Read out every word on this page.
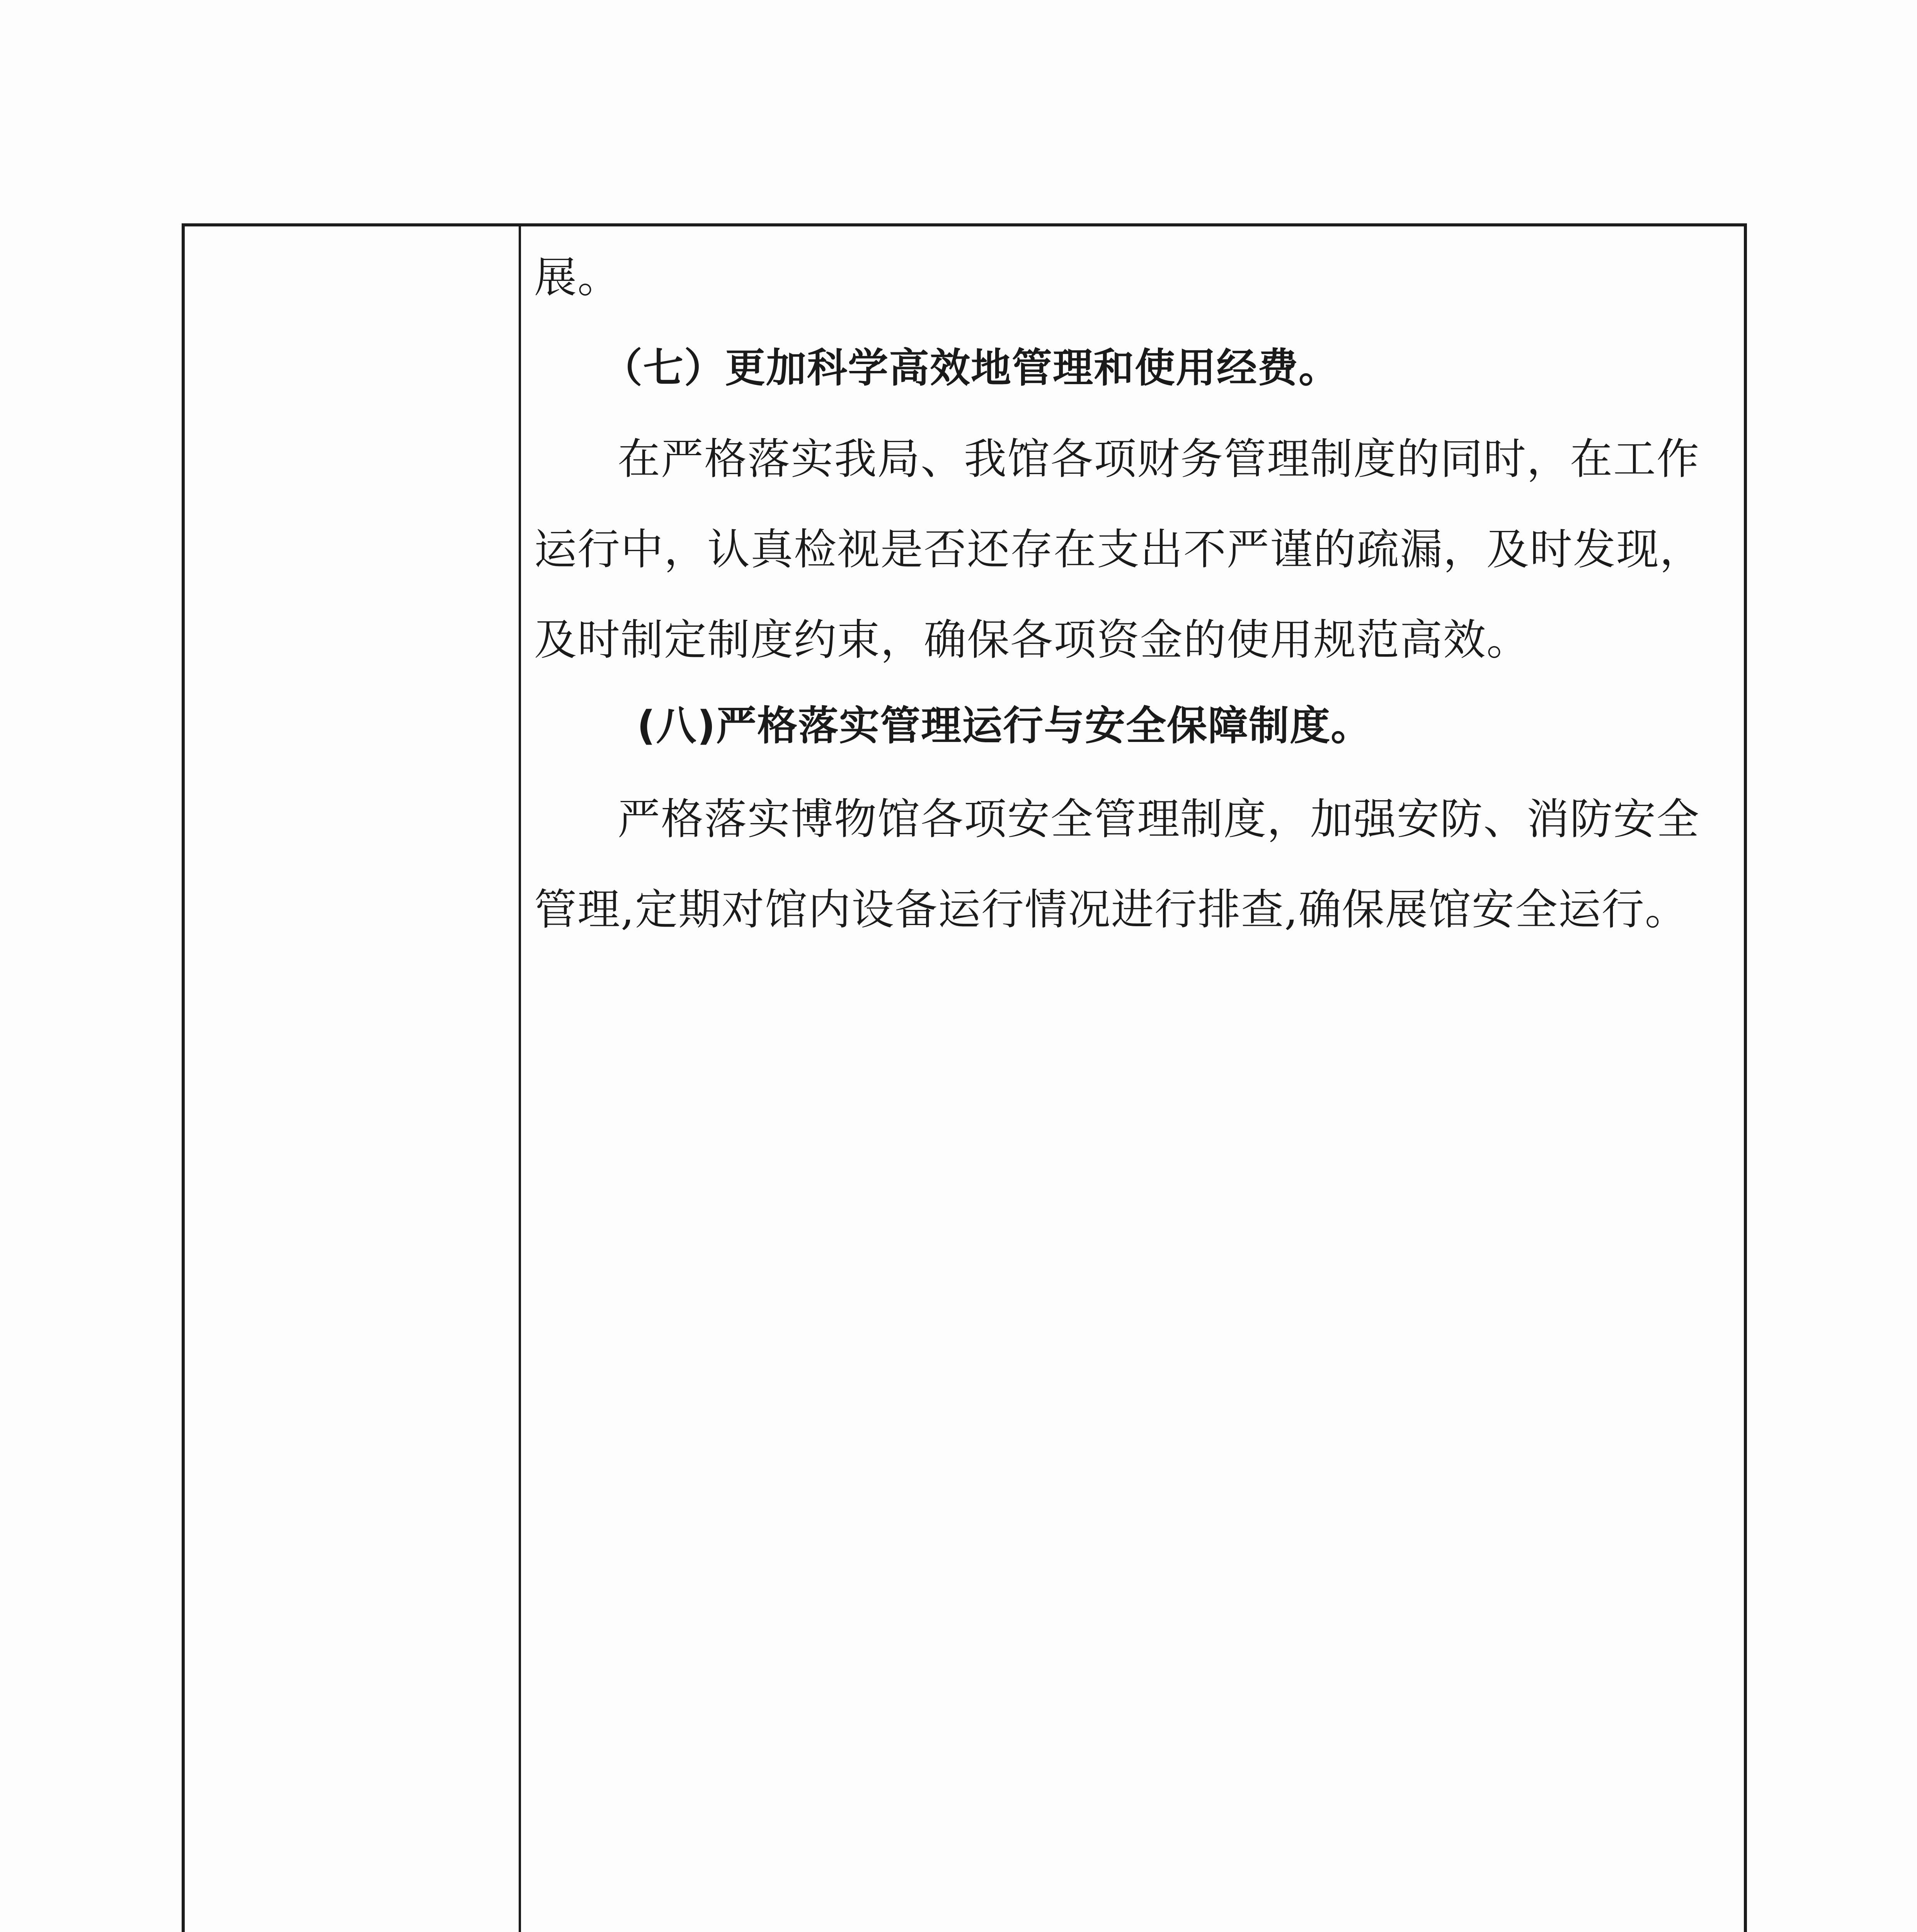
展。
（七）更加科学高效地管理和使用经费。
在严格落实我局、我馆各项财务管理制度的同时，在工作
运行中，认真检视是否还存在支出不严谨的疏漏，及时发现，
及时制定制度约束，确保各项资金的使用规范高效。
(八)严格落实管理运行与安全保障制度。
严格落实博物馆各项安全管理制度，加强安防、消防安全
管理,定期对馆内设备运行情况进行排查,确保展馆安全运行。
